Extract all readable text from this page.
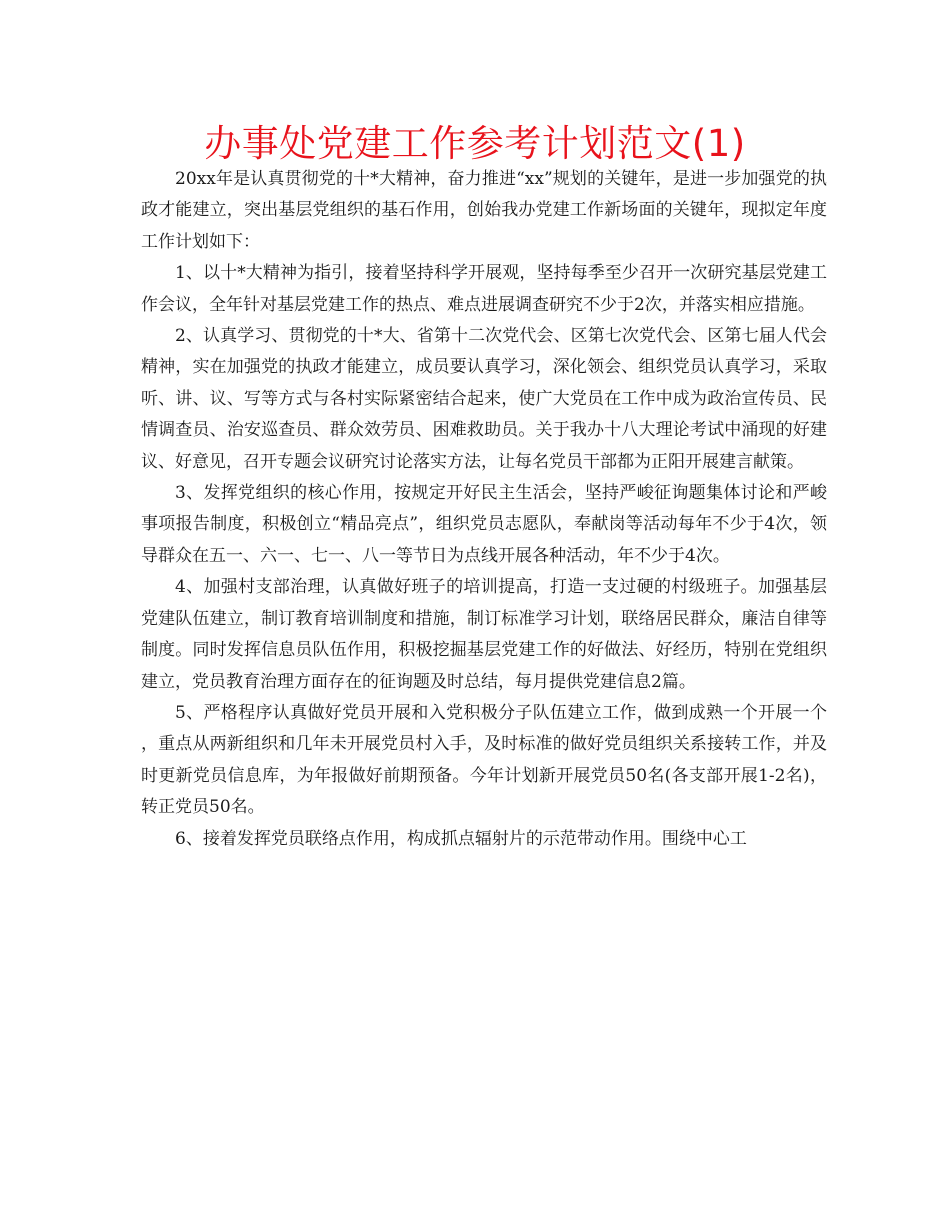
办事处党建工作参考计划范文(1)

20xx年是认真贯彻党的十*大精神，奋力推进“xx”规划的关键年，是进一步加强党的执政才能建立，突出基层党组织的基石作用，创始我办党建工作新场面的关键年，现拟定年度工作计划如下：

1、以十*大精神为指引，接着坚持科学开展观，坚持每季至少召开一次研究基层党建工作会议，全年针对基层党建工作的热点、难点进展调查研究不少于2次，并落实相应措施。

2、认真学习、贯彻党的十*大、省第十二次党代会、区第七次党代会、区第七届人代会精神，实在加强党的执政才能建立，成员要认真学习，深化领会、组织党员认真学习，采取听、讲、议、写等方式与各村实际紧密结合起来，使广大党员在工作中成为政治宣传员、民情调查员、治安巡查员、群众效劳员、困难救助员。关于我办十八大理论考试中涌现的好建议、好意见，召开专题会议研究讨论落实方法，让每名党员干部都为正阳开展建言献策。

3、发挥党组织的核心作用，按规定开好民主生活会，坚持严峻征询题集体讨论和严峻事项报告制度，积极创立“精品亮点”，组织党员志愿队，奉献岗等活动每年不少于4次，领导群众在五一、六一、七一、八一等节日为点线开展各种活动，年不少于4次。

4、加强村支部治理，认真做好班子的培训提高，打造一支过硬的村级班子。加强基层党建队伍建立，制订教育培训制度和措施，制订标准学习计划，联络居民群众，廉洁自律等制度。同时发挥信息员队伍作用，积极挖掘基层党建工作的好做法、好经历，特别在党组织建立，党员教育治理方面存在的征询题及时总结，每月提供党建信息2篇。

5、严格程序认真做好党员开展和入党积极分子队伍建立工作，做到成熟一个开展一个，重点从两新组织和几年未开展党员村入手，及时标准的做好党员组织关系接转工作，并及时更新党员信息库，为年报做好前期预备。今年计划新开展党员50名(各支部开展1-2名)，转正党员50名。

6、接着发挥党员联络点作用，构成抓点辐射片的示范带动作用。围绕中心工
